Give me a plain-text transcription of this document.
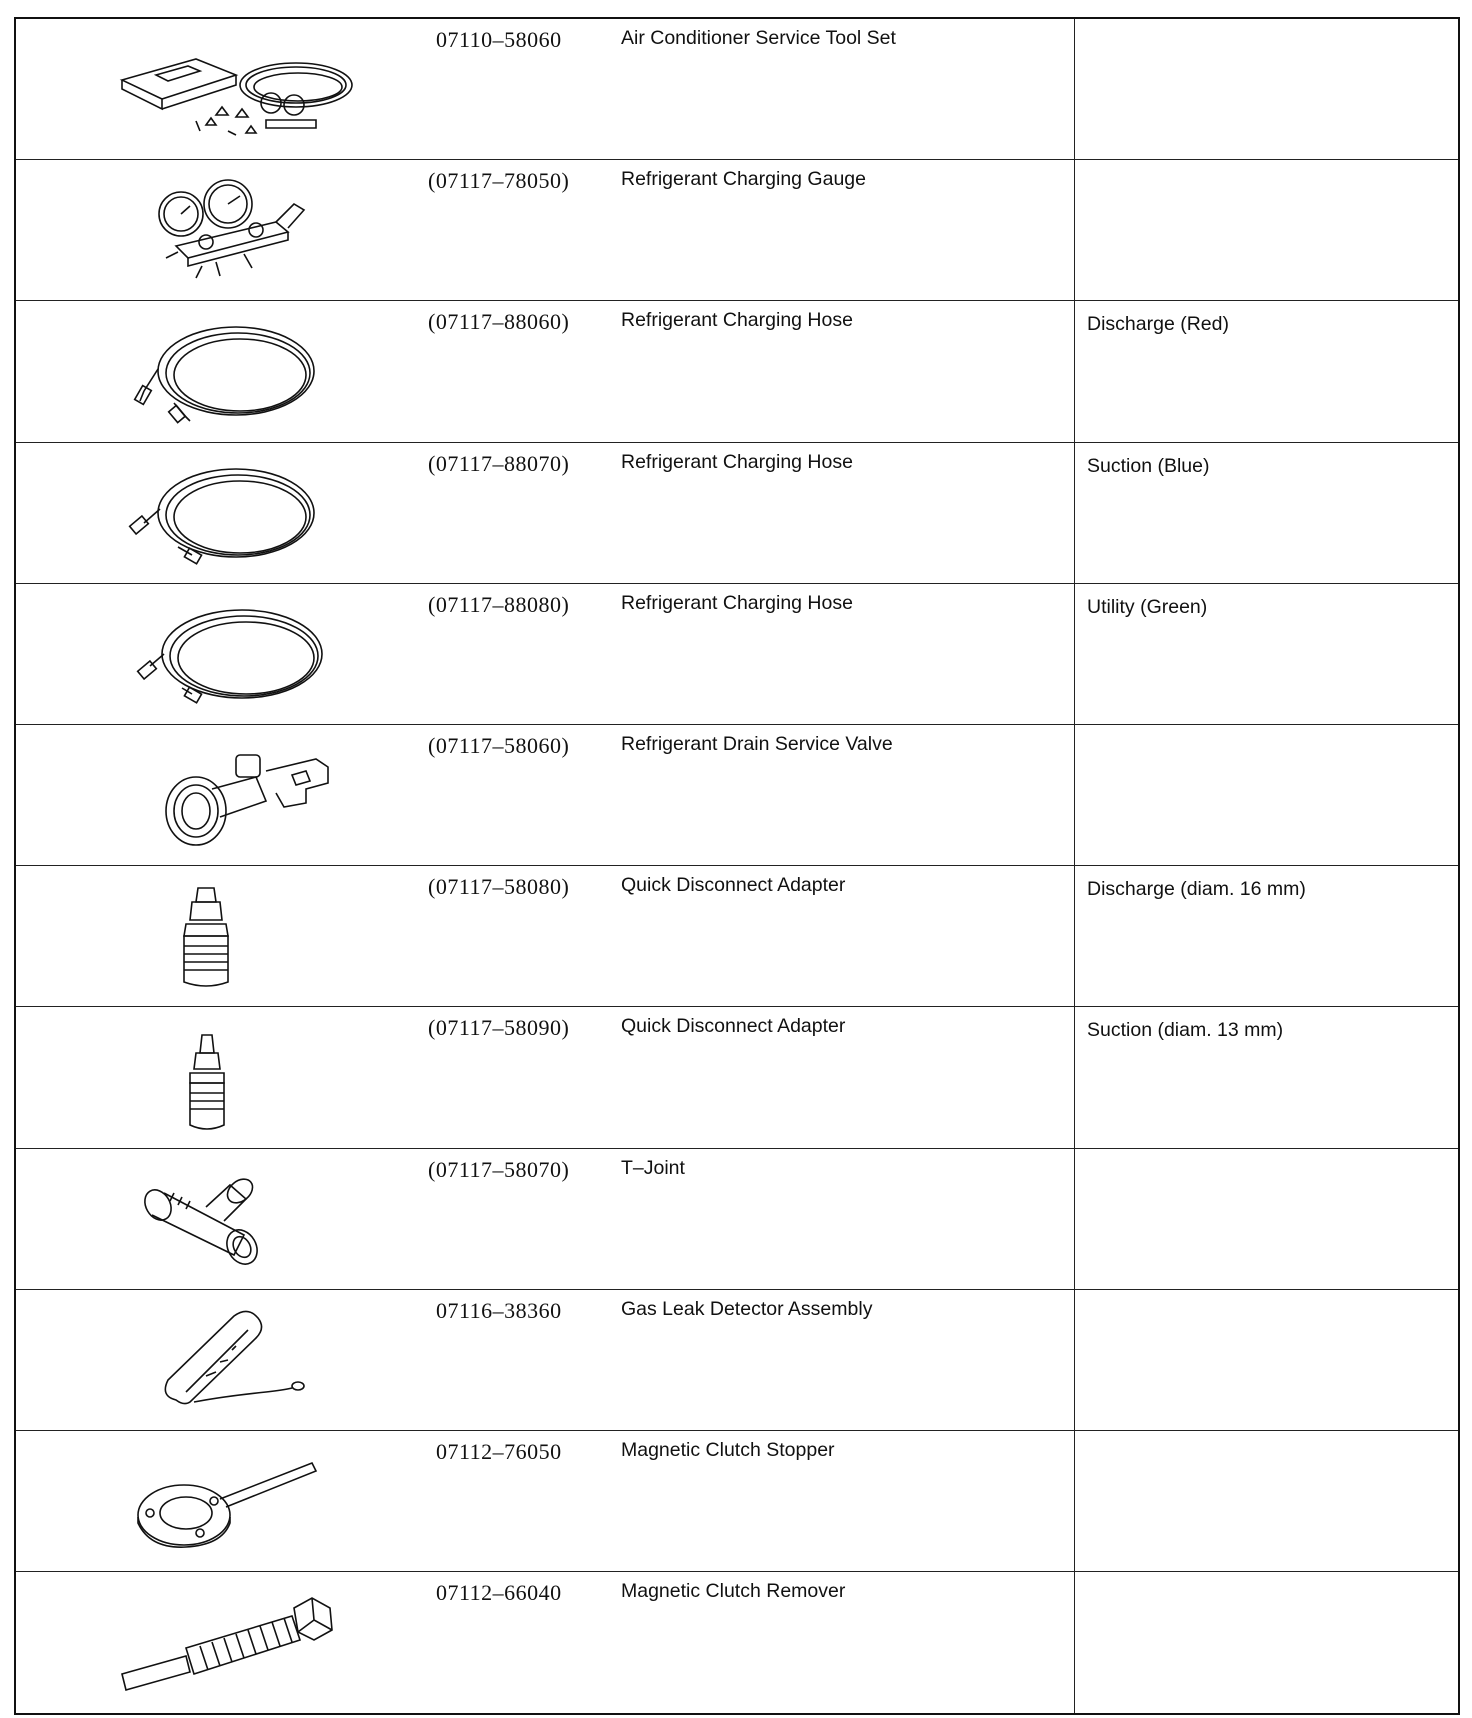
07110–58060	Air Conditioner Service Tool Set
(07117–78050)	Refrigerant Charging Gauge
(07117–88060)	Refrigerant Charging Hose	Discharge (Red)
(07117–88070)	Refrigerant Charging Hose	Suction (Blue)
(07117–88080)	Refrigerant Charging Hose	Utility (Green)
(07117–58060)	Refrigerant Drain Service Valve
(07117–58080)	Quick Disconnect Adapter	Discharge (diam. 16 mm)
(07117–58090)	Quick Disconnect Adapter	Suction (diam. 13 mm)
(07117–58070)	T–Joint
07116–38360	Gas Leak Detector Assembly
07112–76050	Magnetic Clutch Stopper
07112–66040	Magnetic Clutch Remover
